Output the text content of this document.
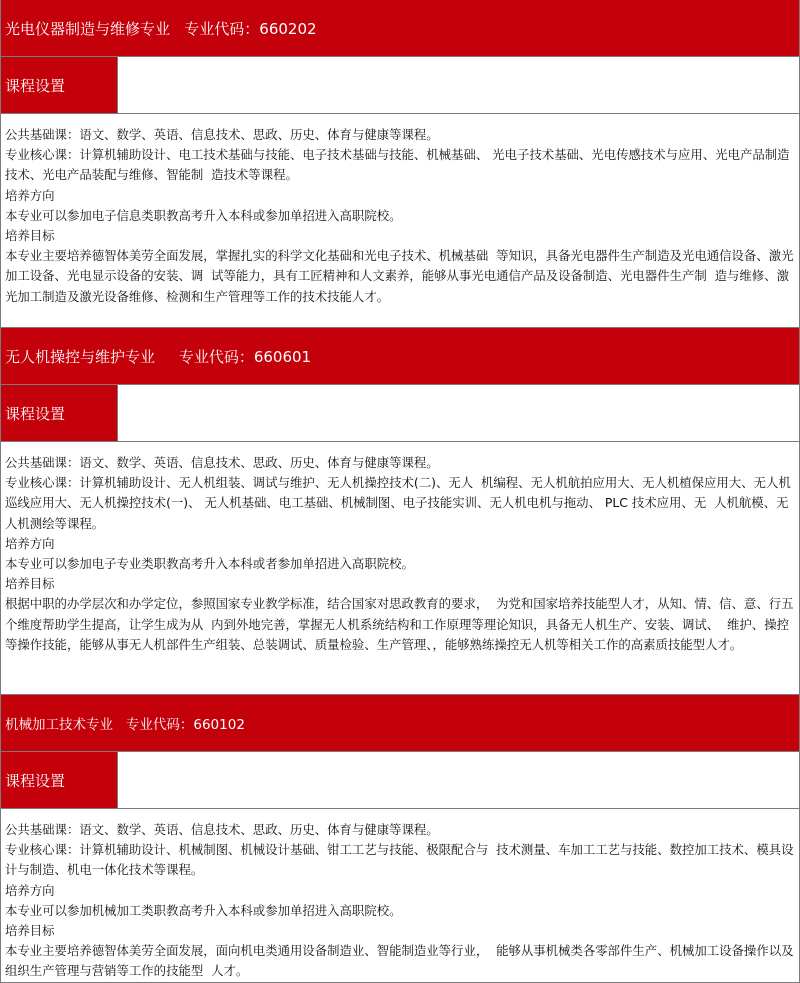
光电仪器制造与维修专业   专业代码：660202
课程设置

公共基础课：语文、数学、英语、信息技术、思政、历史、体育与健康等课程。

专业核心课：计算机辅助设计、电工技术基础与技能、电子技术基础与技能、机械基础、 光电子技术基础、光电传感技术与应用、光电产品制造技术、光电产品装配与维修、智能制  造技术等课程。

培养方向

本专业可以参加电子信息类职教高考升入本科或参加单招进入高职院校。

培养目标

本专业主要培养德智体美劳全面发展，掌握扎实的科学文化基础和光电子技术、机械基础  等知识，具备光电器件生产制造及光电通信设备、激光加工设备、光电显示设备的安装、调  试等能力，具有工匠精神和人文素养，能够从事光电通信产品及设备制造、光电器件生产制  造与维修、激光加工制造及激光设备维修、检测和生产管理等工作的技术技能人才。

无人机操控与维护专业     专业代码：660601
课程设置

公共基础课：语文、数学、英语、信息技术、思政、历史、体育与健康等课程。

专业核心课：计算机辅助设计、无人机组装、调试与维护、无人机操控技术(二)、无人  机编程、无人机航拍应用大、无人机植保应用大、无人机巡线应用大、无人机操控技术(一)、 无人机基础、电工基础、机械制图、电子技能实训、无人机电机与拖动、 PLC 技术应用、无  人机航模、无人机测绘等课程。

培养方向

本专业可以参加电子专业类职教高考升入本科或者参加单招进入高职院校。

培养目标

根据中职的办学层次和办学定位，参照国家专业教学标准，结合国家对思政教育的要求，  为党和国家培养技能型人才，从知、情、信、意、行五个维度帮助学生提高，让学生成为从  内到外地完善，掌握无人机系统结构和工作原理等理论知识，具备无人机生产、安装、调试、  维护、操控等操作技能，能够从事无人机部件生产组装、总装调试、质量检验、生产管理、，能够熟练操控无人机等相关工作的高素质技能型人才。

机械加工技术专业   专业代码：660102
课程设置

公共基础课：语文、数学、英语、信息技术、思政、历史、体育与健康等课程。

专业核心课：计算机辅助设计、机械制图、机械设计基础、钳工工艺与技能、极限配合与  技术测量、车加工工艺与技能、数控加工技术、模具设计与制造、机电一体化技术等课程。

培养方向

本专业可以参加机械加工类职教高考升入本科或参加单招进入高职院校。

培养目标

本专业主要培养德智体美劳全面发展，面向机电类通用设备制造业、智能制造业等行业，  能够从事机械类各零部件生产、机械加工设备操作以及组织生产管理与营销等工作的技能型  人才。
